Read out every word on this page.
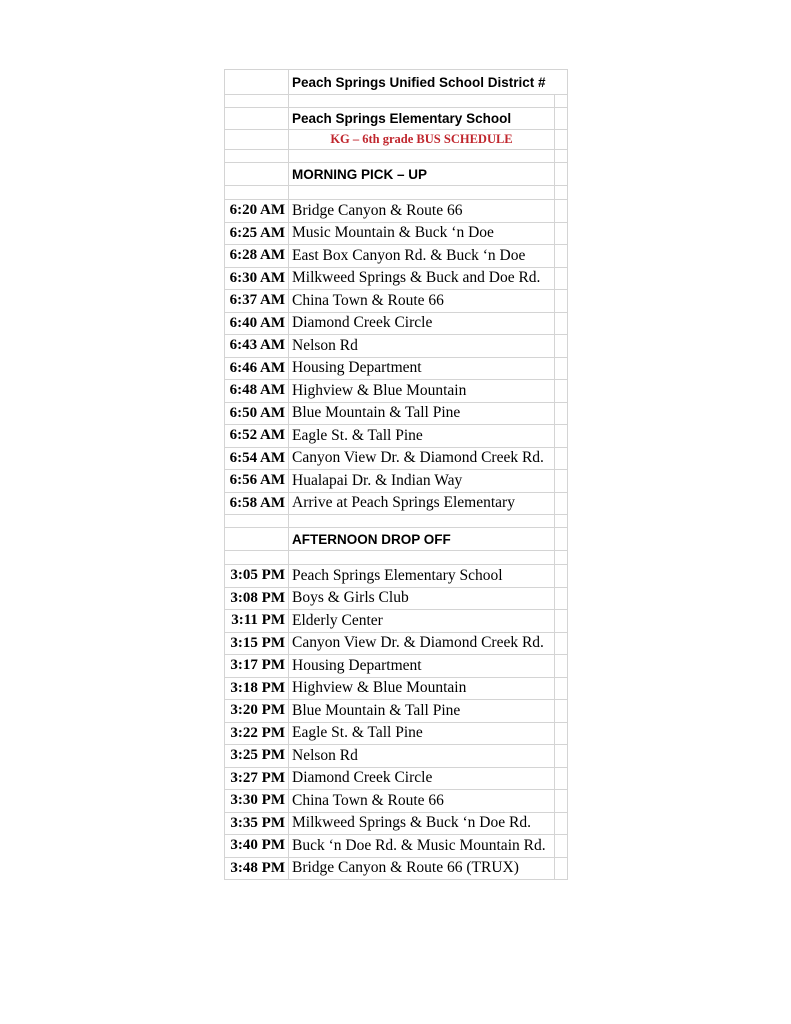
	Peach Springs Unified School District #	

	Peach Springs Elementary School	
	KG – 6th grade BUS SCHEDULE	

	MORNING PICK – UP	

6:20 AM	Bridge Canyon & Route 66	
6:25 AM	Music Mountain & Buck ‘n Doe	
6:28 AM	East Box Canyon Rd. & Buck ‘n Doe	
6:30 AM	Milkweed Springs & Buck and Doe Rd.	
6:37 AM	China Town & Route 66	
6:40 AM	Diamond Creek Circle	
6:43 AM	Nelson Rd	
6:46 AM	Housing Department	
6:48 AM	Highview & Blue Mountain	
6:50 AM	Blue Mountain & Tall Pine	
6:52 AM	Eagle St. & Tall Pine	
6:54 AM	Canyon View Dr. & Diamond Creek Rd.	
6:56 AM	Hualapai Dr. & Indian Way	
6:58 AM	Arrive at Peach Springs Elementary	

	AFTERNOON DROP OFF	

3:05 PM	Peach Springs Elementary School	
3:08 PM	Boys & Girls Club	
3:11 PM	Elderly Center	
3:15 PM	Canyon View Dr. & Diamond Creek Rd.	
3:17 PM	Housing Department	
3:18 PM	Highview & Blue Mountain	
3:20 PM	Blue Mountain & Tall Pine	
3:22 PM	Eagle St. & Tall Pine	
3:25 PM	Nelson Rd	
3:27 PM	Diamond Creek Circle	
3:30 PM	China Town & Route 66	
3:35 PM	Milkweed Springs & Buck ‘n Doe Rd.	
3:40 PM	Buck ‘n Doe Rd. & Music Mountain Rd.	
3:48 PM	Bridge Canyon & Route 66 (TRUX)	
